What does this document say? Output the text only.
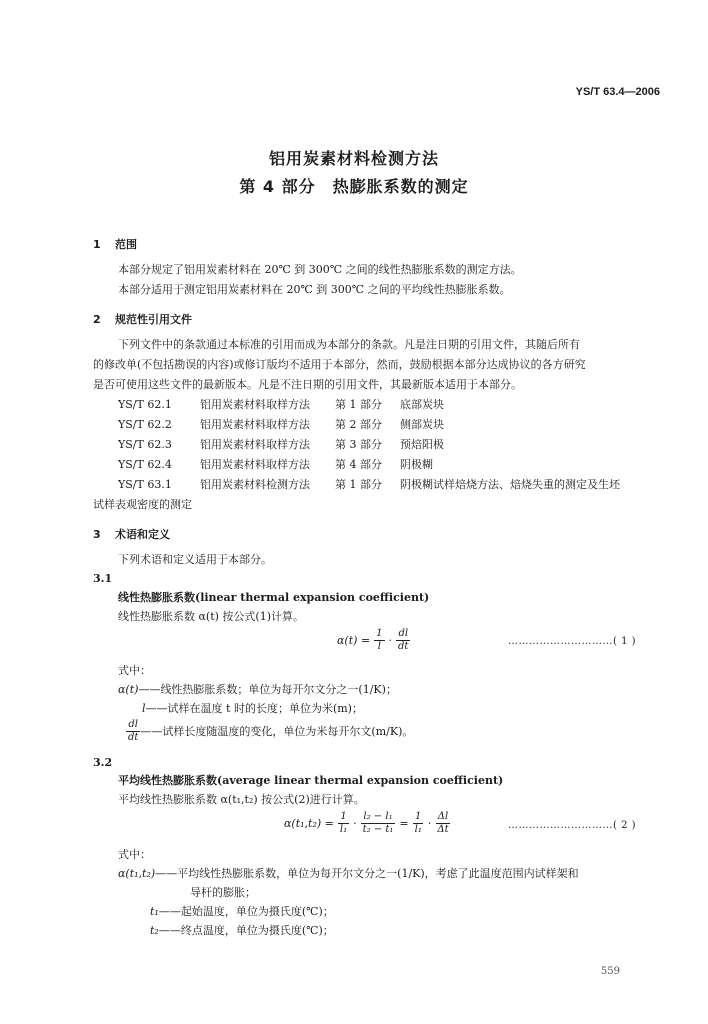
YS/T 63.4—2006
铝用炭素材料检测方法
第 4 部分　热膨胀系数的测定
1 范围
本部分规定了铝用炭素材料在 20℃ 到 300℃ 之间的线性热膨胀系数的测定方法。
本部分适用于测定铝用炭素材料在 20℃ 到 300℃ 之间的平均线性热膨胀系数。
2 规范性引用文件
下列文件中的条款通过本标准的引用而成为本部分的条款。凡是注日期的引用文件，其随后所有
的修改单(不包括勘误的内容)或修订版均不适用于本部分，然而，鼓励根据本部分达成协议的各方研究
是否可使用这些文件的最新版本。凡是不注日期的引用文件，其最新版本适用于本部分。
YS/T 62.1	铝用炭素材料取样方法 第 1 部分 底部炭块
YS/T 62.2	铝用炭素材料取样方法 第 2 部分 侧部炭块
YS/T 62.3	铝用炭素材料取样方法 第 3 部分 预焙阳极
YS/T 62.4	铝用炭素材料取样方法 第 4 部分 阴极糊
YS/T 63.1	铝用炭素材料检测方法 第 1 部分 阴极糊试样焙烧方法、焙烧失重的测定及生坯
试样表观密度的测定
3 术语和定义
下列术语和定义适用于本部分。
3.1
线性热膨胀系数(linear thermal expansion coefficient)
线性热膨胀系数 α(t) 按公式(1)计算。
$\alpha(t) = \frac{1}{l} \cdot \frac{dl}{dt}$	…………………………( 1 )
式中：
α(t)——线性热膨胀系数；单位为每开尔文分之一(1/K)；
l——试样在温度 t 时的长度；单位为米(m)；
$\frac{dl}{dt}$ ——试样长度随温度的变化，单位为米每开尔文(m/K)。
3.2
平均线性热膨胀系数(average linear thermal expansion coefficient)
平均线性热膨胀系数 α(t₁,t₂) 按公式(2)进行计算。
$\alpha(t_1,t_2) = \frac{1}{\text{l₁}} \cdot \frac{\text{l₂ − l₁}}{\text{t₂ − t₁}} = \frac{1}{\text{l₁}} \cdot \frac{\Delta l}{\Delta t}$	…………………………( 2 )
式中：
α(t₁,t₂)——平均线性热膨胀系数，单位为每开尔文分之一(1/K)，考虑了此温度范围内试样架和
导杆的膨胀；
t₁——起始温度，单位为摄氏度(℃)；
t₂——终点温度，单位为摄氏度(℃)；
559
